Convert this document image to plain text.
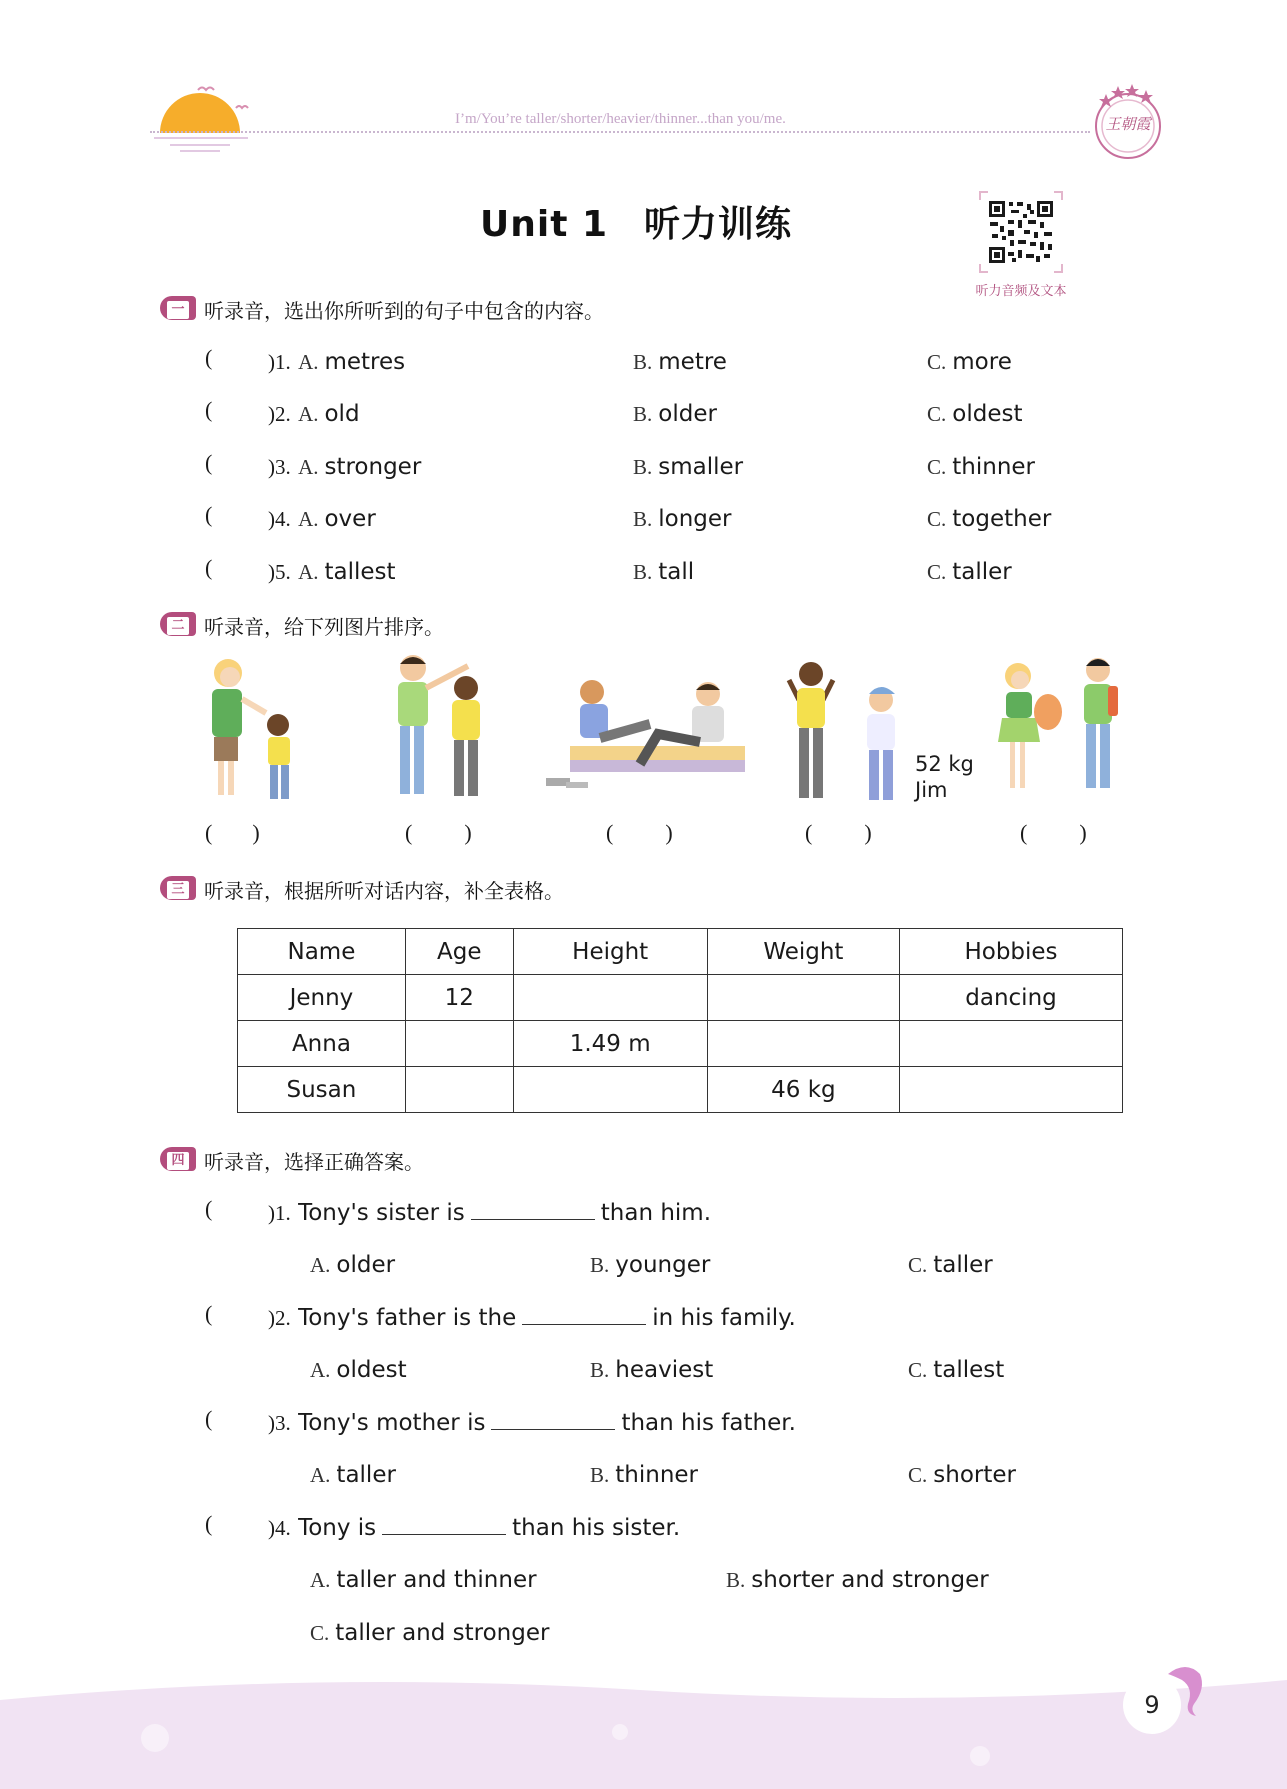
I’m/You’re taller/shorter/heavier/thinner...than you/me.	王朝霞
Unit 1 听力训练
听力音频及文本
一 听录音，选出你所听到的句子中包含的内容。
(	)1. A. metres	B. metre	C. more
(	)2. A. old	B. older	C. oldest
(	)3. A. stronger	B. smaller	C. thinner
(	)4. A. over	B. longer	C. together
(	)5. A. tallest	B. tall	C. taller
二 听录音，给下列图片排序。
52 kg
Jim
( )	( )	( )	( )	( )
三 听录音，根据所听对话内容，补全表格。
Name	Age	Height	Weight	Hobbies
Jenny	12			dancing
Anna		1.49 m		
Susan			46 kg	
四 听录音，选择正确答案。
(	)1. Tony's sister is	than him.
A. older	B. younger	C. taller
(	)2. Tony's father is the	in his family.
A. oldest	B. heaviest	C. tallest
(	)3. Tony's mother is	than his father.
A. taller	B. thinner	C. shorter
(	)4. Tony is	than his sister.
A. taller and thinner	B. shorter and stronger
C. taller and stronger
9
